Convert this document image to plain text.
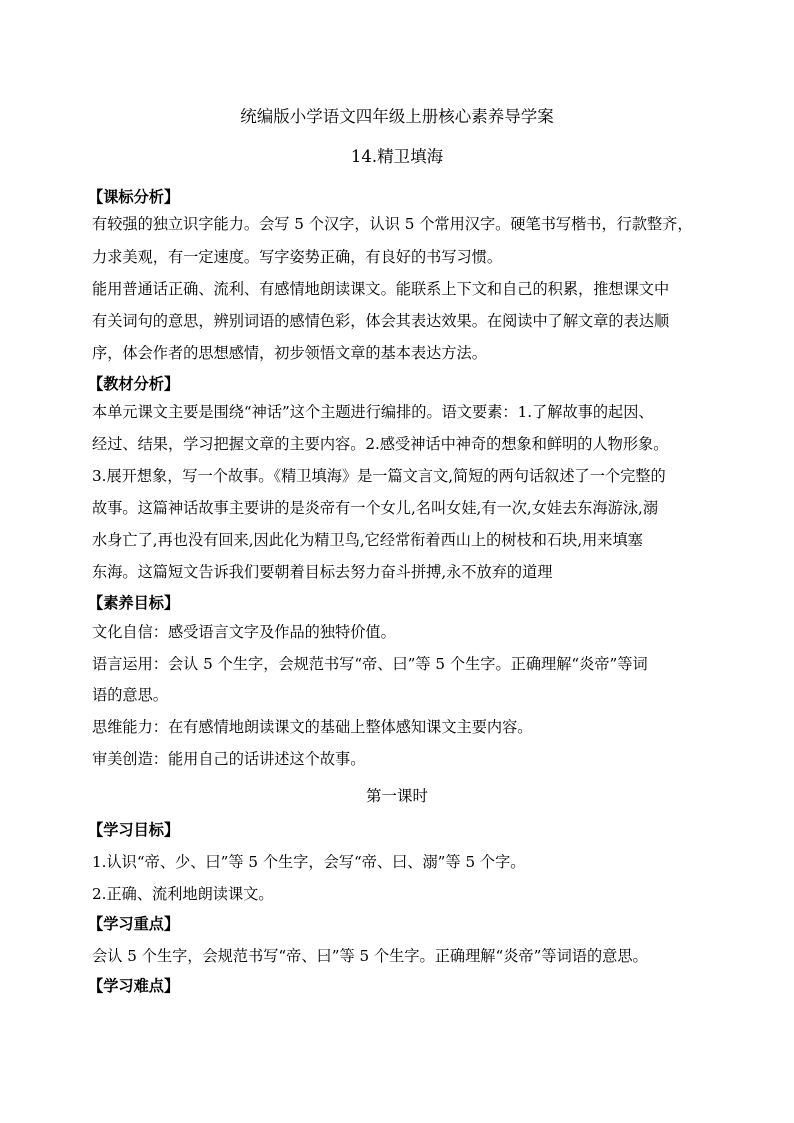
统编版小学语文四年级上册核心素养导学案
14.精卫填海
【课标分析】
有较强的独立识字能力。会写 5 个汉字，认识 5 个常用汉字。硬笔书写楷书，行款整齐，
力求美观，有一定速度。写字姿势正确，有良好的书写习惯。
能用普通话正确、流利、有感情地朗读课文。能联系上下文和自己的积累，推想课文中
有关词句的意思，辨别词语的感情色彩，体会其表达效果。在阅读中了解文章的表达顺
序，体会作者的思想感情，初步领悟文章的基本表达方法。
【教材分析】
本单元课文主要是围绕“神话”这个主题进行编排的。语文要素：1.了解故事的起因、
经过、结果，学习把握文章的主要内容。2.感受神话中神奇的想象和鲜明的人物形象。
3.展开想象，写一个故事。《精卫填海》是一篇文言文,简短的两句话叙述了一个完整的
故事。这篇神话故事主要讲的是炎帝有一个女儿,名叫女娃,有一次,女娃去东海游泳,溺
水身亡了,再也没有回来,因此化为精卫鸟,它经常衔着西山上的树枝和石块,用来填塞
东海。这篇短文告诉我们要朝着目标去努力奋斗拼搏,永不放弃的道理
【素养目标】
文化自信：感受语言文字及作品的独特价值。
语言运用：会认 5 个生字，会规范书写“帝、曰”等 5 个生字。正确理解“炎帝”等词
语的意思。
思维能力：在有感情地朗读课文的基础上整体感知课文主要内容。
审美创造：能用自己的话讲述这个故事。
第一课时
【学习目标】
1.认识“帝、少、曰”等 5 个生字，会写“帝、曰、溺”等 5 个字。
2.正确、流利地朗读课文。
【学习重点】
会认 5 个生字，会规范书写“帝、曰”等 5 个生字。正确理解“炎帝”等词语的意思。
【学习难点】
